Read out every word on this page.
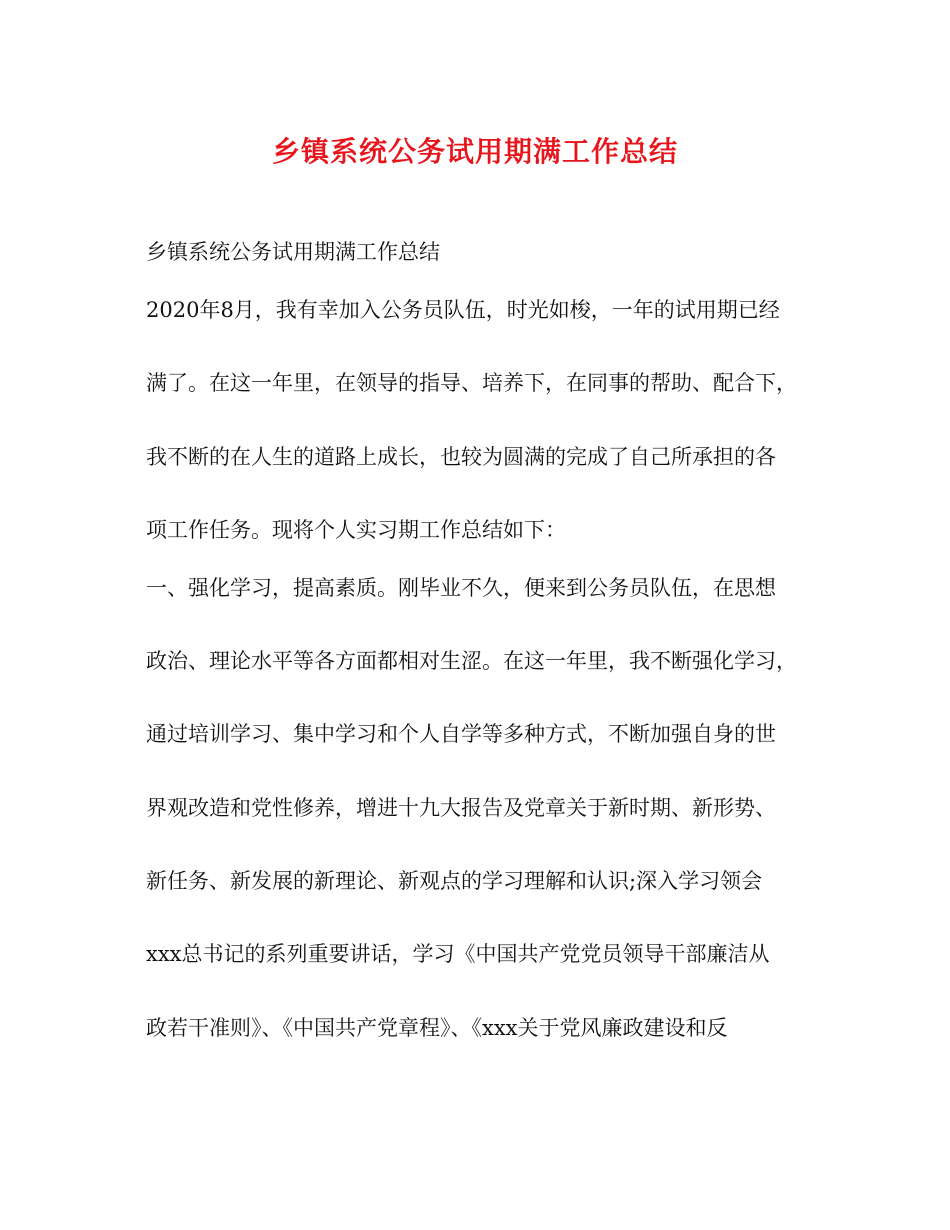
乡镇系统公务试用期满工作总结
乡镇系统公务试用期满工作总结
2020年8月，我有幸加入公务员队伍，时光如梭，一年的试用期已经
满了。在这一年里，在领导的指导、培养下，在同事的帮助、配合下，
我不断的在人生的道路上成长，也较为圆满的完成了自己所承担的各
项工作任务。现将个人实习期工作总结如下：
一、强化学习，提高素质。刚毕业不久，便来到公务员队伍，在思想
政治、理论水平等各方面都相对生涩。在这一年里，我不断强化学习，
通过培训学习、集中学习和个人自学等多种方式，不断加强自身的世
界观改造和党性修养，增进十九大报告及党章关于新时期、新形势、
新任务、新发展的新理论、新观点的学习理解和认识;深入学习领会
xxx总书记的系列重要讲话，学习《中国共产党党员领导干部廉洁从
政若干准则》、《中国共产党章程》、《xxx关于党风廉政建设和反
